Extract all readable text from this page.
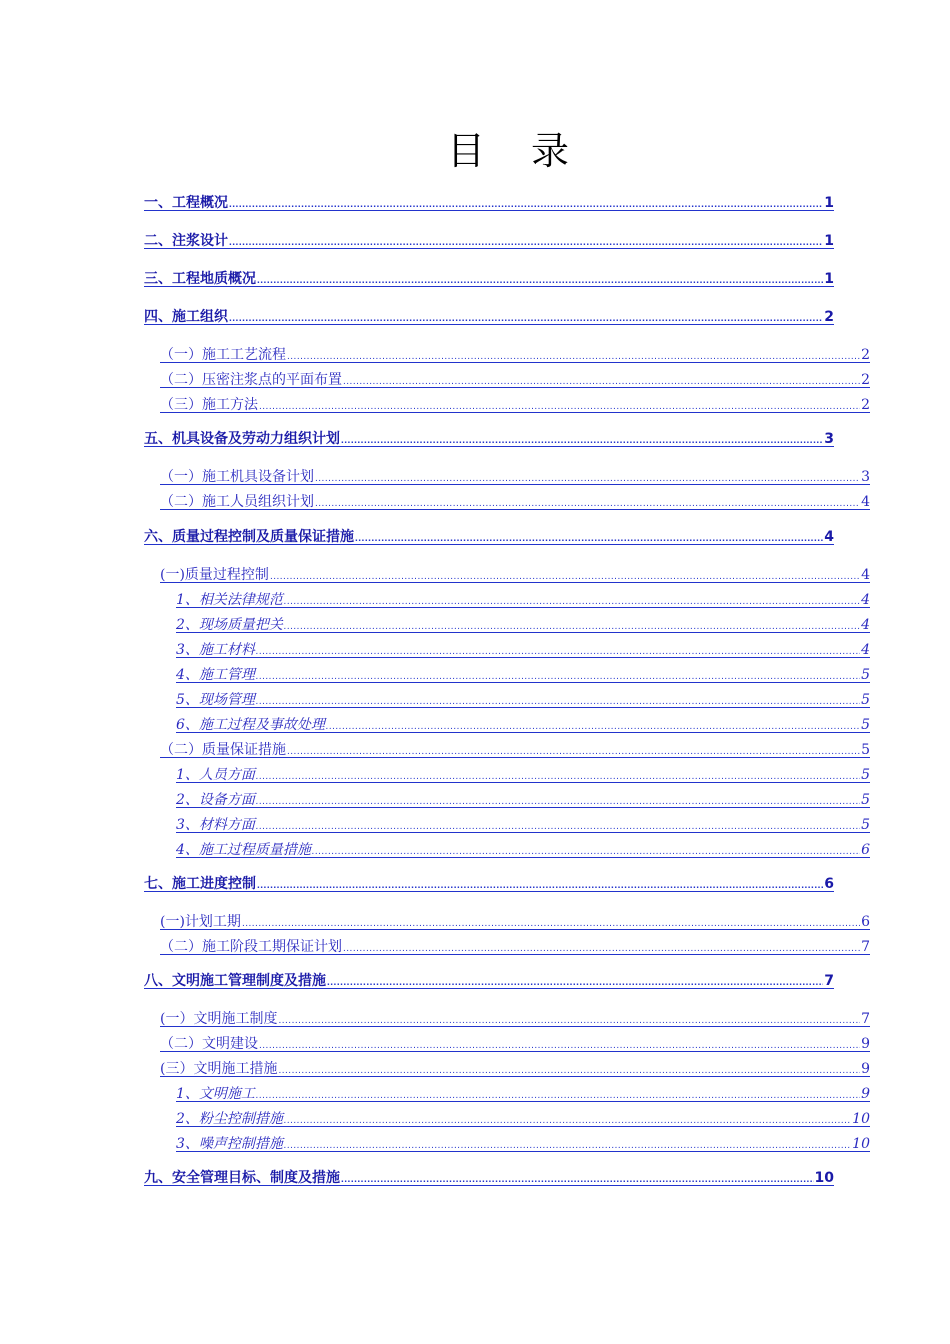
目　录
一、工程概况 .....	1
二、注浆设计 .....	1
三、工程地质概况 .....	1
四、施工组织 .....	2
（一）施工工艺流程 .....	2
（二）压密注浆点的平面布置 .....	2
（三）施工方法 .....	2
五、机具设备及劳动力组织计划 .....	3
（一）施工机具设备计划 .....	3
（二）施工人员组织计划 .....	4
六、质量过程控制及质量保证措施 .....	4
(一)质量过程控制 .....	4
1、相关法律规范 .....	4
2、现场质量把关 .....	4
3、施工材料 .....	4
4、施工管理 .....	5
5、现场管理 .....	5
6、施工过程及事故处理 .....	5
（二）质量保证措施 .....	5
1、人员方面 .....	5
2、设备方面 .....	5
3、材料方面 .....	5
4、施工过程质量措施 .....	6
七、施工进度控制 .....	6
(一)计划工期 .....	6
（二）施工阶段工期保证计划 .....	7
八、文明施工管理制度及措施 .....	7
(一）文明施工制度 .....	7
（二）文明建设 .....	9
(三）文明施工措施 .....	9
1、文明施工 .....	9
2、粉尘控制措施 .....	10
3、噪声控制措施 .....	10
九、安全管理目标、制度及措施 .....	10
